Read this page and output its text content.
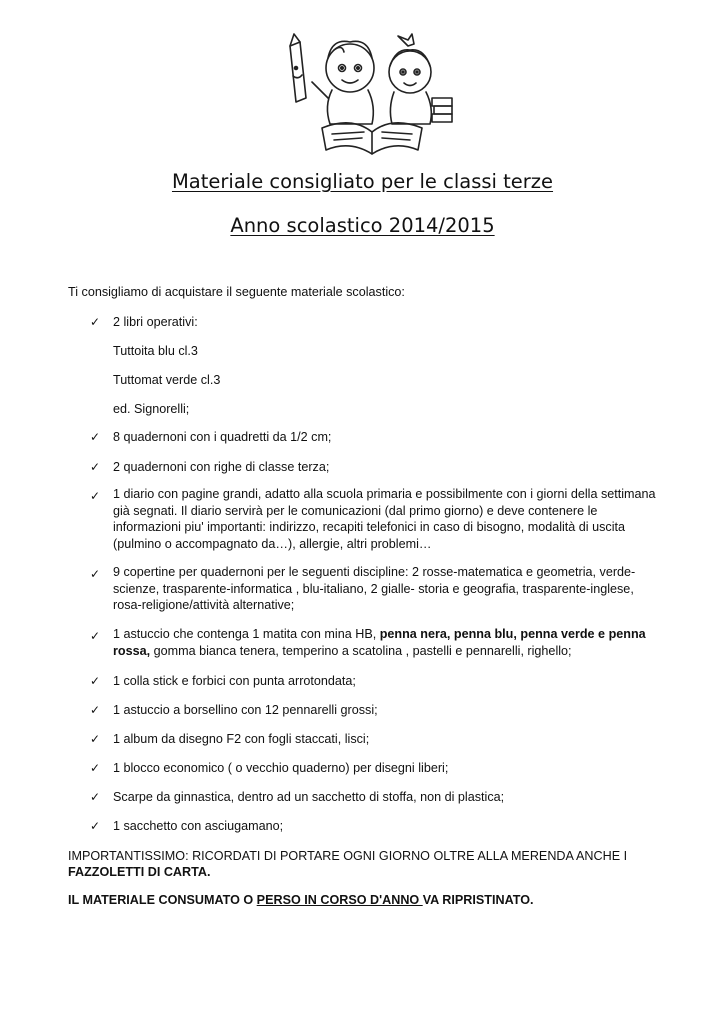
Materiale consigliato per le classi terze
Anno scolastico 2014/2015
Ti consigliamo di acquistare il seguente materiale scolastico:
✓ 2 libri operativi:
Tuttoita blu cl.3
Tuttomat verde cl.3
ed. Signorelli;
✓ 8 quadernoni con i quadretti da 1/2 cm;
✓ 2 quadernoni con righe di classe terza;
✓ 1 diario con pagine grandi, adatto alla scuola primaria e possibilmente con i giorni della settimana già segnati. Il diario servirà per le comunicazioni (dal primo giorno) e deve contenere le informazioni piu' importanti: indirizzo, recapiti telefonici in caso di bisogno, modalità di uscita (pulmino o accompagnato da…), allergie, altri problemi…
✓ 9 copertine per quadernoni per le seguenti discipline: 2 rosse-matematica e geometria, verde-scienze, trasparente-informatica , blu-italiano, 2 gialle- storia e geografia, trasparente-inglese, rosa-religione/attività alternative;
✓ 1 astuccio che contenga 1 matita con mina HB, penna nera, penna blu, penna verde e penna rossa, gomma bianca tenera, temperino a scatolina , pastelli e pennarelli, righello;
✓ 1 colla stick e forbici con punta arrotondata;
✓ 1 astuccio a borsellino con 12 pennarelli grossi;
✓ 1 album da disegno F2 con fogli staccati, lisci;
✓ 1 blocco economico ( o vecchio quaderno) per disegni liberi;
✓ Scarpe da ginnastica, dentro ad un sacchetto di stoffa, non di plastica;
✓ 1 sacchetto con asciugamano;
IMPORTANTISSIMO: RICORDATI DI PORTARE OGNI GIORNO OLTRE ALLA MERENDA ANCHE I
FAZZOLETTI DI CARTA.
IL MATERIALE CONSUMATO O PERSO IN CORSO D'ANNO VA RIPRISTINATO.
